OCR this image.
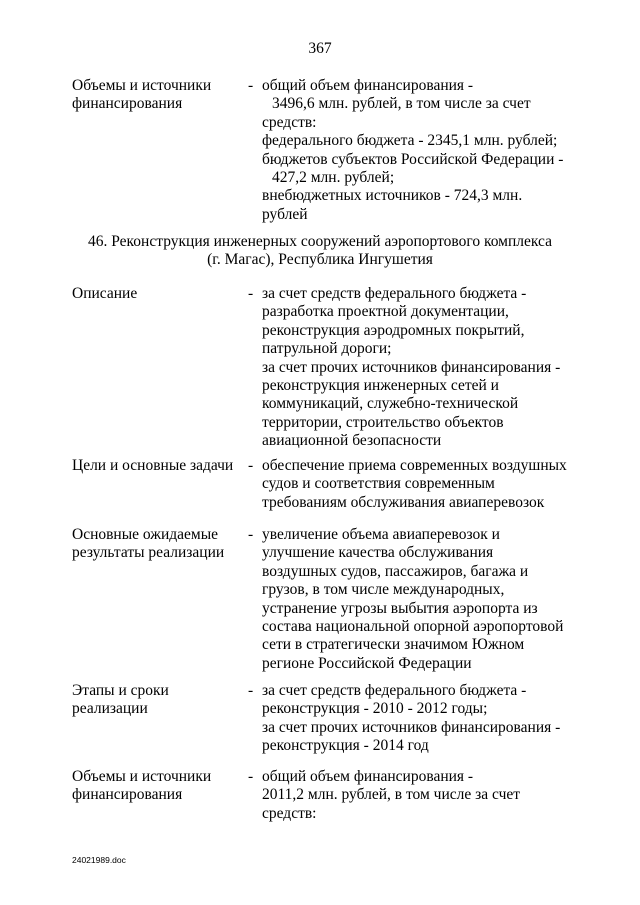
367
Объемы и источники
финансирования
- общий объем финансирования -
3496,6 млн. рублей, в том числе за счет
средств:
федерального бюджета - 2345,1 млн. рублей;
бюджетов субъектов Российской Федерации -
427,2 млн. рублей;
внебюджетных источников - 724,3 млн.
рублей
46. Реконструкция инженерных сооружений аэропортового комплекса
(г. Магас), Республика Ингушетия
Описание	- за счет средств федерального бюджета -
разработка проектной документации,
реконструкция аэродромных покрытий,
патрульной дороги;
за счет прочих источников финансирования -
реконструкция инженерных сетей и
коммуникаций, служебно-технической
территории, строительство объектов
авиационной безопасности
Цели и основные задачи - обеспечение приема современных воздушных
судов и соответствия современным
требованиям обслуживания авиаперевозок
Основные ожидаемые
результаты реализации
- увеличение объема авиаперевозок и
улучшение качества обслуживания
воздушных судов, пассажиров, багажа и
грузов, в том числе международных,
устранение угрозы выбытия аэропорта из
состава национальной опорной аэропортовой
сети в стратегически значимом Южном
регионе Российской Федерации
Этапы и сроки
реализации
- за счет средств федерального бюджета -
реконструкция - 2010 - 2012 годы;
за счет прочих источников финансирования -
реконструкция - 2014 год
Объемы и источники
финансирования
- общий объем финансирования -
2011,2 млн. рублей, в том числе за счет
средств:
24021989.doc
